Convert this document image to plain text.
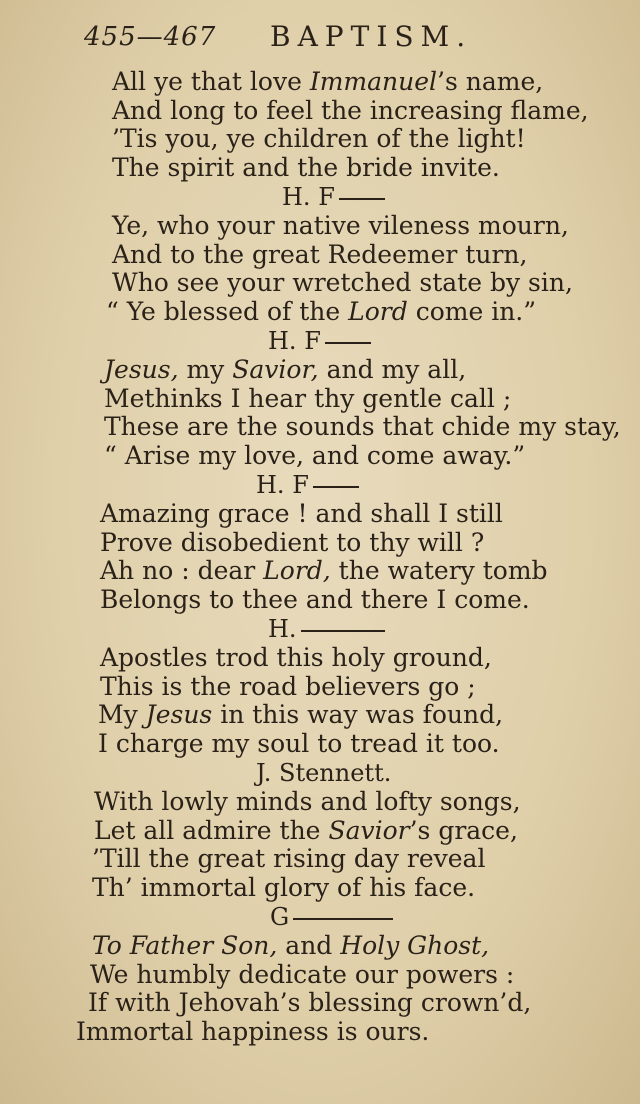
455—467 BAPTISM.
All ye that love Immanuel’s name,
And long to feel the increasing flame,
’Tis you, ye children of the light!
The spirit and the bride invite.
H. F
Ye, who your native vileness mourn,
And to the great Redeemer turn,
Who see your wretched state by sin,
“ Ye blessed of the Lord come in.”
H. F
Jesus, my Savior, and my all,
Methinks I hear thy gentle call ;
These are the sounds that chide my stay,
“ Arise my love, and come away.”
H. F
Amazing grace ! and shall I still
Prove disobedient to thy will ?
Ah no : dear Lord, the watery tomb
Belongs to thee and there I come.
H.
Apostles trod this holy ground,
This is the road believers go ;
My Jesus in this way was found,
I charge my soul to tread it too.
J. Stennett.
With lowly minds and lofty songs,
Let all admire the Savior’s grace,
’Till the great rising day reveal
Th’ immortal glory of his face.
G
To Father Son, and Holy Ghost,
We humbly dedicate our powers :
If with Jehovah’s blessing crown’d,
Immortal happiness is ours.
